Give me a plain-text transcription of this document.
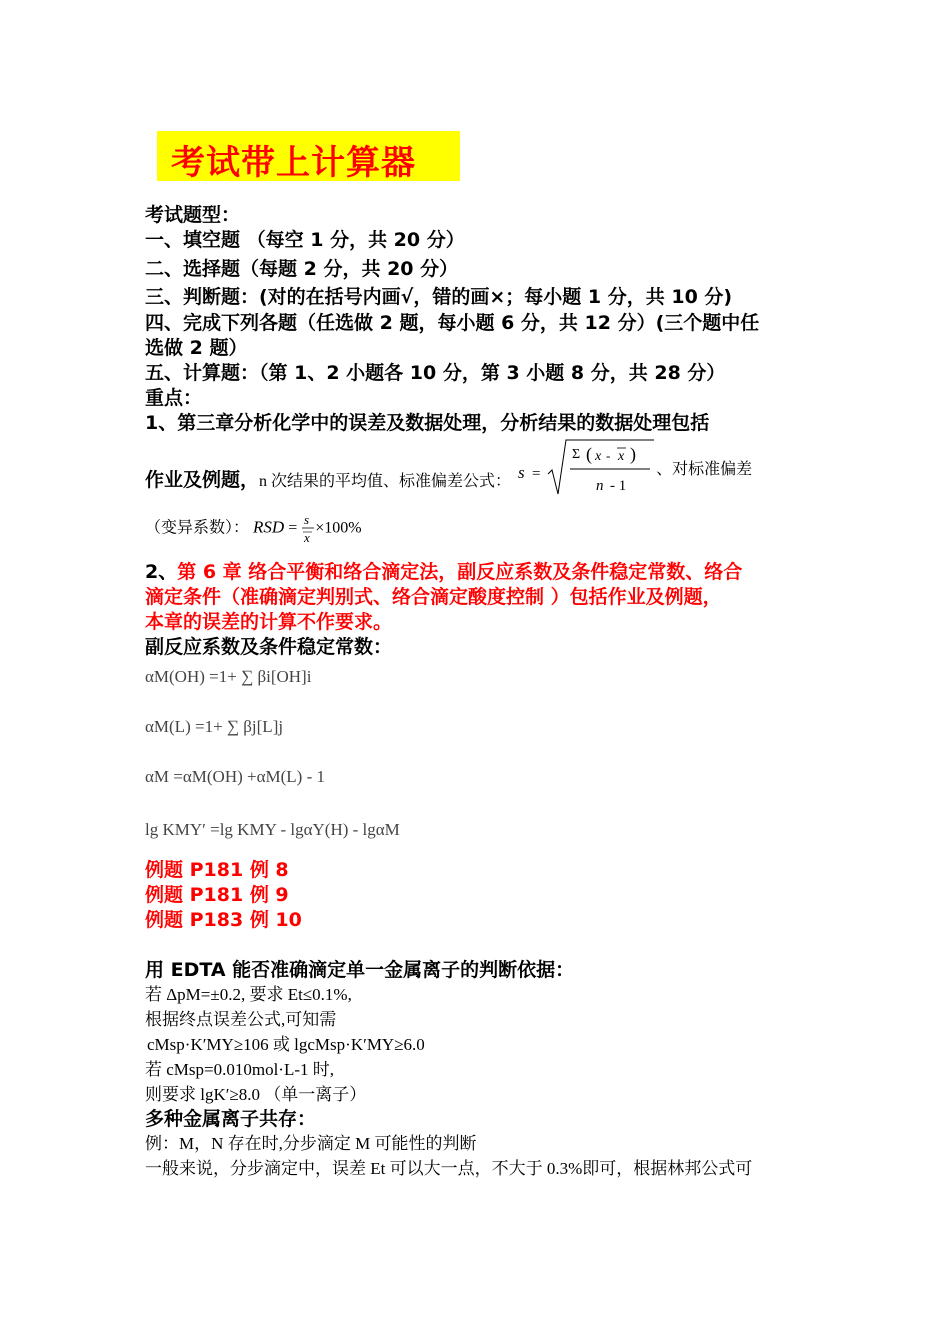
考试带上计算器
考试题型：
一、填空题 （每空 1 分，共 20 分）
二、选择题（每题 2 分，共 20 分）
三、判断题：(对的在括号内画√，错的画×；每小题 1 分，共 10 分)
四、完成下列各题（任选做 2 题，每小题 6 分，共 12 分）(三个题中任
选做 2 题）
五、计算题：（第 1、2 小题各 10 分，第 3 小题 8 分，共 28 分）
重点：
1、第三章分析化学中的误差及数据处理，分析结果的数据处理包括
作业及例题，n 次结果的平均值、标准偏差公式： s =
Σ ( x - x )
n - 1
、对标准偏差
（变异系数）： RSD =
s
x
×100%
2、第 6 章 络合平衡和络合滴定法，副反应系数及条件稳定常数、络合
滴定条件（准确滴定判别式、络合滴定酸度控制 ）包括作业及例题，
本章的误差的计算不作要求。
副反应系数及条件稳定常数：
αM(OH) =1+ ∑ βi[OH]i
αM(L) =1+ ∑ βj[L]j
αM =αM(OH) +αM(L) - 1
lg KMY′ =lg KMY - lgαY(H) - lgαM
例题 P181 例 8
例题 P181 例 9
例题 P183 例 10
用 EDTA 能否准确滴定单一金属离子的判断依据：
若 ΔpM=±0.2, 要求 Et≤0.1%,
根据终点误差公式,可知需
cMsp·K′MY≥106 或 lgcMsp·K′MY≥6.0
若 cMsp=0.010mol·L-1 时,
则要求 lgK′≥8.0 （单一离子）
多种金属离子共存：
例：M，N 存在时,分步滴定 M 可能性的判断
一般来说，分步滴定中，误差 Et 可以大一点，不大于 0.3%即可，根据林邦公式可
